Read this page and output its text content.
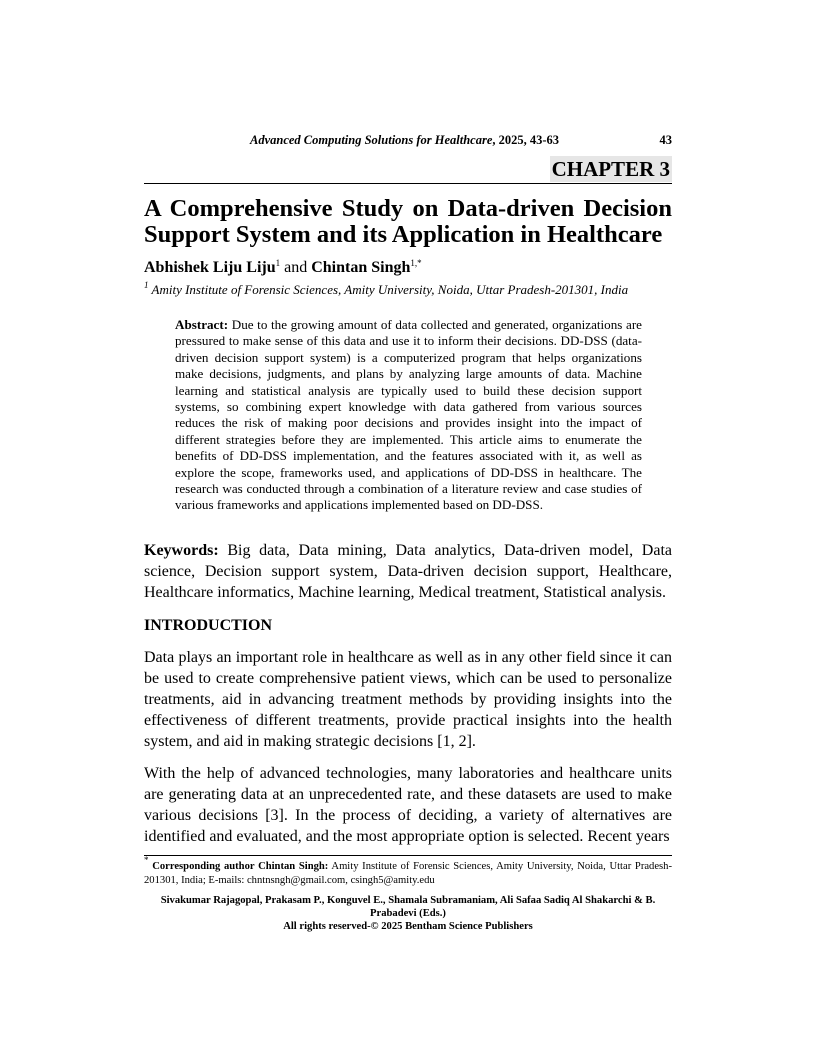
Advanced Computing Solutions for Healthcare, 2025, 43-63	43
CHAPTER 3
A Comprehensive Study on Data-driven Decision Support System and its Application in Healthcare
Abhishek Liju Liju$^1$ and Chintan Singh$^{1,*}$
$^1$ Amity Institute of Forensic Sciences, Amity University, Noida, Uttar Pradesh-201301, India
Abstract: Due to the growing amount of data collected and generated, organizations are pressured to make sense of this data and use it to inform their decisions. DD-DSS (data-driven decision support system) is a computerized program that helps organizations make decisions, judgments, and plans by analyzing large amounts of data. Machine learning and statistical analysis are typically used to build these decision support systems, so combining expert knowledge with data gathered from various sources reduces the risk of making poor decisions and provides insight into the impact of different strategies before they are implemented. This article aims to enumerate the benefits of DD-DSS implementation, and the features associated with it, as well as explore the scope, frameworks used, and applications of DD-DSS in healthcare. The research was conducted through a combination of a literature review and case studies of various frameworks and applications implemented based on DD-DSS.
Keywords: Big data, Data mining, Data analytics, Data-driven model, Data science, Decision support system, Data-driven decision support, Healthcare, Healthcare informatics, Machine learning, Medical treatment, Statistical analysis.
INTRODUCTION
Data plays an important role in healthcare as well as in any other field since it can be used to create comprehensive patient views, which can be used to personalize treatments, aid in advancing treatment methods by providing insights into the effectiveness of different treatments, provide practical insights into the health system, and aid in making strategic decisions [1, 2].
With the help of advanced technologies, many laboratories and healthcare units are generating data at an unprecedented rate, and these datasets are used to make various decisions [3]. In the process of deciding, a variety of alternatives are identified and evaluated, and the most appropriate option is selected. Recent years
* Corresponding author Chintan Singh: Amity Institute of Forensic Sciences, Amity University, Noida, Uttar Pradesh-201301, India; E-mails: chntnsngh@gmail.com, csingh5@amity.edu
Sivakumar Rajagopal, Prakasam P., Konguvel E., Shamala Subramaniam, Ali Safaa Sadiq Al Shakarchi & B. Prabadevi (Eds.)
All rights reserved-© 2025 Bentham Science Publishers
